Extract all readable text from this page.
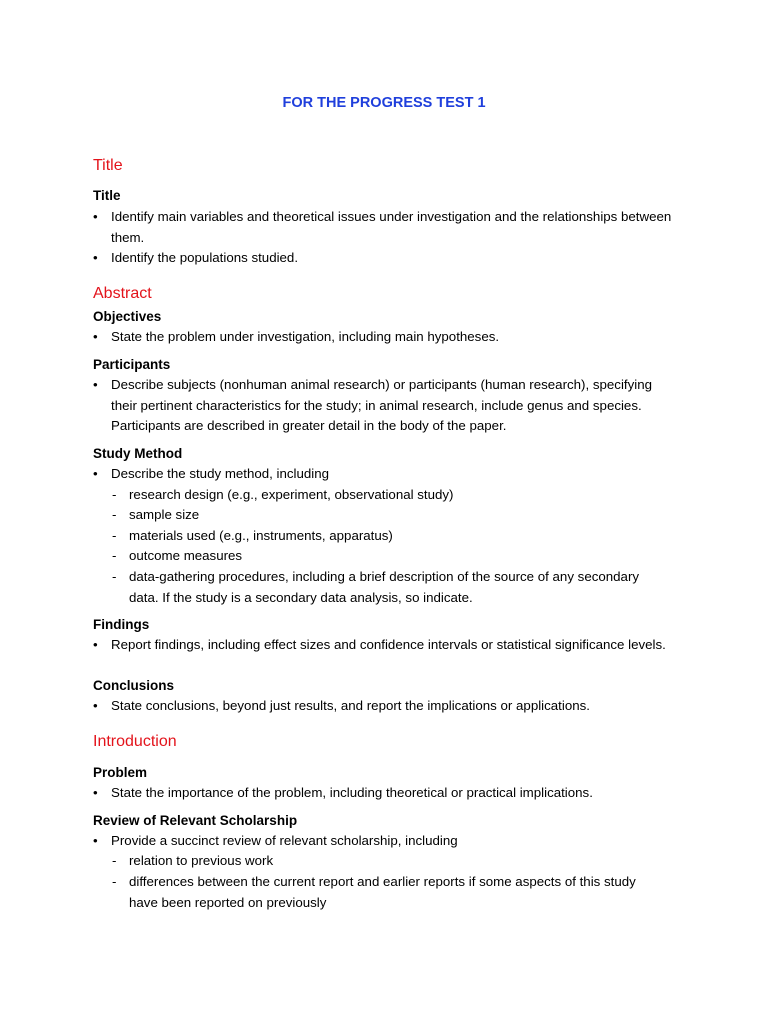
FOR THE PROGRESS TEST 1
Title
Title
•	Identify main variables and theoretical issues under investigation and the relationships between them.
•	Identify the populations studied.
Abstract
Objectives
•	State the problem under investigation, including main hypotheses.
Participants
•	Describe subjects (nonhuman animal research) or participants (human research), specifying their pertinent characteristics for the study; in animal research, include genus and species. Participants are described in greater detail in the body of the paper.
Study Method
•	Describe the study method, including
- research design (e.g., experiment, observational study)
- sample size
- materials used (e.g., instruments, apparatus)
- outcome measures
- data-gathering procedures, including a brief description of the source of any secondary data. If the study is a secondary data analysis, so indicate.
Findings
•	Report findings, including effect sizes and confidence intervals or statistical significance levels.
Conclusions
•	State conclusions, beyond just results, and report the implications or applications.
Introduction
Problem
•	State the importance of the problem, including theoretical or practical implications.
Review of Relevant Scholarship
•	Provide a succinct review of relevant scholarship, including
- relation to previous work
- differences between the current report and earlier reports if some aspects of this study have been reported on previously
